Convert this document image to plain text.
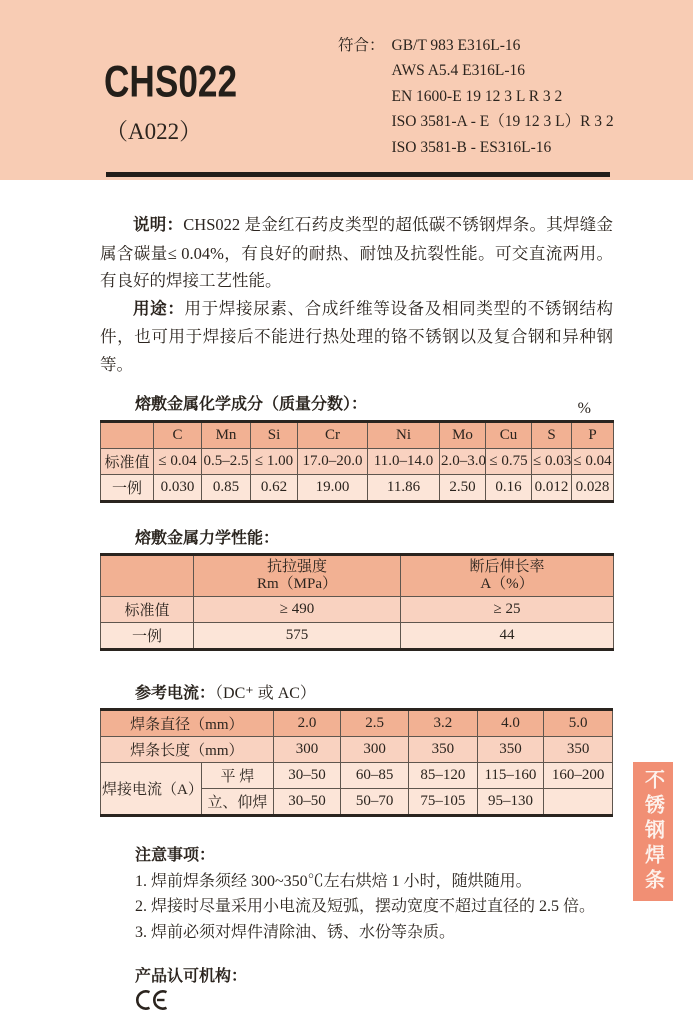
CHS022
（A022）
符合： GB/T 983 E316L-16
AWS A5.4 E316L-16
EN 1600-E 19 12 3 L R 3 2
ISO 3581-A - E（19 12 3 L）R 3 2
ISO 3581-B - ES316L-16

说明：CHS022 是金红石药皮类型的超低碳不锈钢焊条。其焊缝金属含碳量≤ 0.04%，有良好的耐热、耐蚀及抗裂性能。可交直流两用。有良好的焊接工艺性能。

用途：用于焊接尿素、合成纤维等设备及相同类型的不锈钢结构件，也可用于焊接后不能进行热处理的铬不锈钢以及复合钢和异种钢等。

熔敷金属化学成分（质量分数）：	%
	C	Mn	Si	Cr	Ni	Mo	Cu	S	P
标准值	≤ 0.04	0.5–2.5	≤ 1.00	17.0–20.0	11.0–14.0	2.0–3.0	≤ 0.75	≤ 0.03	≤ 0.04
一例	0.030	0.85	0.62	19.00	11.86	2.50	0.16	0.012	0.028
熔敷金属力学性能：

抗拉强度
Rm（MPa）

断后伸长率
A（%）

标准值	≥ 490	≥ 25
一例	575	44
参考电流：（DC⁺ 或 AC）
焊条直径（mm）		2.0	2.5	3.2	4.0	5.0
焊条长度（mm）		300	300	350	350	350
焊接电流（A）	平 焊	30–50	60–85	85–120	115–160	160–200
	立、仰焊	30–50	50–70	75–105	95–130	

注意事项：

1. 焊前焊条须经 300~350℃左右烘焙 1 小时，随烘随用。
2. 焊接时尽量采用小电流及短弧，摆动宽度不超过直径的 2.5 倍。
3. 焊前必须对焊件清除油、锈、水份等杂质。

产品认可机构：

不锈钢焊条
